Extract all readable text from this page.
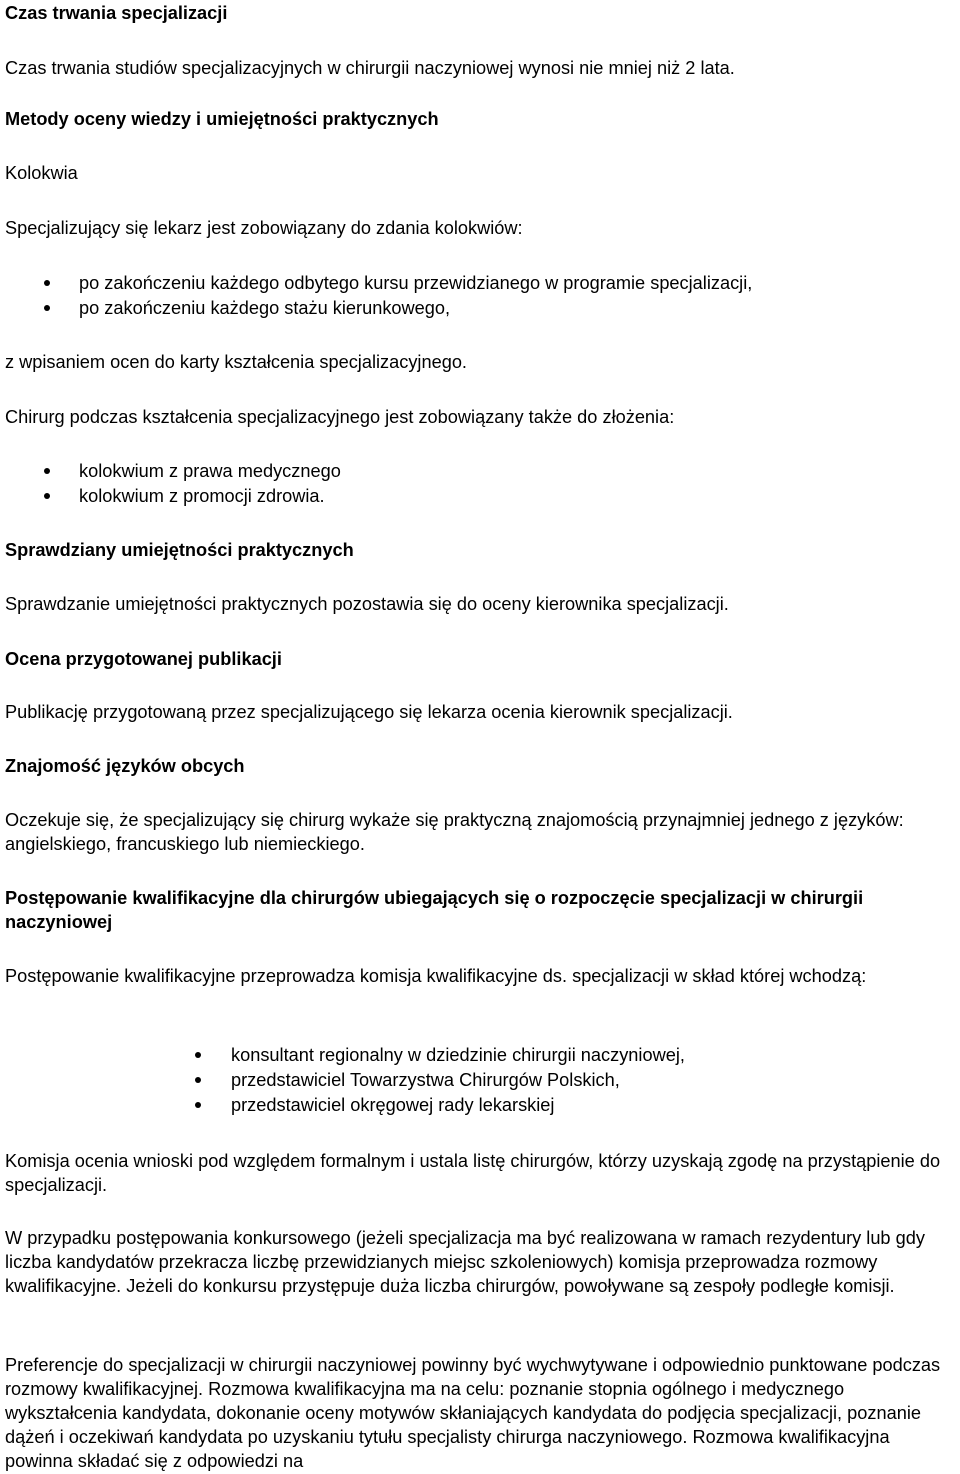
Czas trwania specjalizacji
Czas trwania studiów specjalizacyjnych w chirurgii naczyniowej wynosi nie mniej niż 2 lata.
Metody oceny wiedzy i umiejętności praktycznych
Kolokwia
Specjalizujący się lekarz jest zobowiązany do zdania kolokwiów:
po zakończeniu każdego odbytego kursu przewidzianego w programie specjalizacji,
po zakończeniu każdego stażu kierunkowego,
z wpisaniem ocen do karty kształcenia specjalizacyjnego.
Chirurg podczas kształcenia specjalizacyjnego jest zobowiązany także do złożenia:
kolokwium z prawa medycznego
kolokwium z promocji zdrowia.
Sprawdziany umiejętności praktycznych
Sprawdzanie umiejętności praktycznych pozostawia się do oceny kierownika specjalizacji.
Ocena przygotowanej publikacji
Publikację przygotowaną przez specjalizującego się lekarza ocenia kierownik specjalizacji.
Znajomość języków obcych
Oczekuje się, że specjalizujący się chirurg wykaże się praktyczną znajomością przynajmniej jednego z języków: angielskiego, francuskiego lub niemieckiego.
Postępowanie kwalifikacyjne dla chirurgów ubiegających się o rozpoczęcie specjalizacji w chirurgii naczyniowej
Postępowanie kwalifikacyjne przeprowadza komisja kwalifikacyjne ds. specjalizacji w skład której wchodzą:
konsultant regionalny w dziedzinie chirurgii naczyniowej,
przedstawiciel Towarzystwa Chirurgów Polskich,
przedstawiciel okręgowej rady lekarskiej
Komisja ocenia wnioski pod względem formalnym i ustala listę chirurgów, którzy uzyskają zgodę na przystąpienie do specjalizacji.
W przypadku postępowania konkursowego (jeżeli specjalizacja ma być realizowana w ramach rezydentury lub gdy liczba kandydatów przekracza liczbę przewidzianych miejsc szkoleniowych) komisja przeprowadza rozmowy kwalifikacyjne. Jeżeli do konkursu przystępuje duża liczba chirurgów, powoływane są zespoły podległe komisji.
Preferencje do specjalizacji w chirurgii naczyniowej powinny być wychwytywane i odpowiednio punktowane podczas rozmowy kwalifikacyjnej. Rozmowa kwalifikacyjna ma na celu: poznanie stopnia ogólnego i medycznego wykształcenia kandydata, dokonanie oceny motywów skłaniających kandydata do podjęcia specjalizacji, poznanie dążeń i oczekiwań kandydata po uzyskaniu tytułu specjalisty chirurga naczyniowego. Rozmowa kwalifikacyjna powinna składać się z odpowiedzi na
